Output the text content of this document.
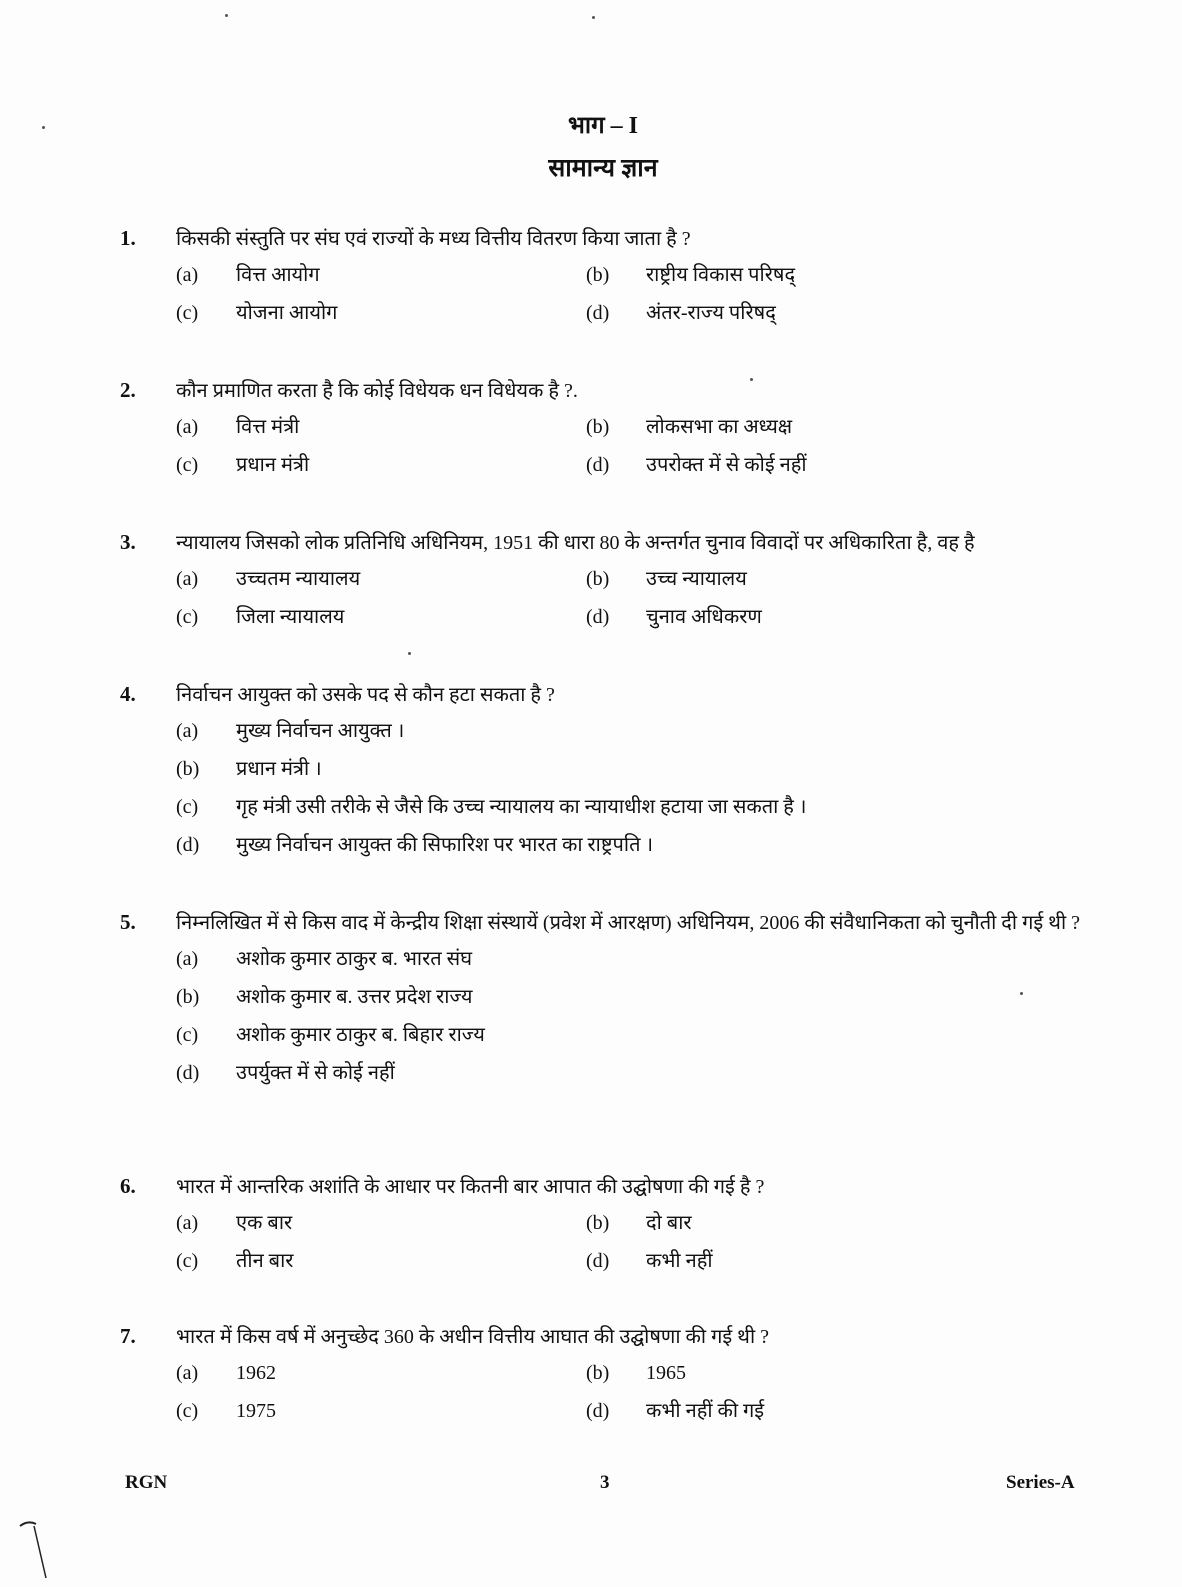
भाग – I
सामान्य ज्ञान
1.	किसकी संस्तुति पर संघ एवं राज्यों के मध्य वित्तीय वितरण किया जाता है ?
(a)	वित्त आयोग	(b)	राष्ट्रीय विकास परिषद्
(c)	योजना आयोग	(d)	अंतर-राज्य परिषद्
2.	कौन प्रमाणित करता है कि कोई विधेयक धन विधेयक है ?.
(a)	वित्त मंत्री	(b)	लोकसभा का अध्यक्ष
(c)	प्रधान मंत्री	(d)	उपरोक्त में से कोई नहीं
3.	न्यायालय जिसको लोक प्रतिनिधि अधिनियम, 1951 की धारा 80 के अन्तर्गत चुनाव विवादों पर अधिकारिता है, वह है
(a)	उच्चतम न्यायालय	(b)	उच्च न्यायालय
(c)	जिला न्यायालय	(d)	चुनाव अधिकरण
4.	निर्वाचन आयुक्त को उसके पद से कौन हटा सकता है ?
(a)	मुख्य निर्वाचन आयुक्त ।
(b)	प्रधान मंत्री ।
(c)	गृह मंत्री उसी तरीके से जैसे कि उच्च न्यायालय का न्यायाधीश हटाया जा सकता है ।
(d)	मुख्य निर्वाचन आयुक्त की सिफारिश पर भारत का राष्ट्रपति ।
5.	निम्नलिखित में से किस वाद में केन्द्रीय शिक्षा संस्थायें (प्रवेश में आरक्षण) अधिनियम, 2006 की संवैधानिकता को चुनौती दी गई थी ?
(a)	अशोक कुमार ठाकुर ब. भारत संघ
(b)	अशोक कुमार ब. उत्तर प्रदेश राज्य
(c)	अशोक कुमार ठाकुर ब. बिहार राज्य
(d)	उपर्युक्त में से कोई नहीं
6.	भारत में आन्तरिक अशांति के आधार पर कितनी बार आपात की उद्घोषणा की गई है ?
(a)	एक बार	(b)	दो बार
(c)	तीन बार	(d)	कभी नहीं
7.	भारत में किस वर्ष में अनुच्छेद 360 के अधीन वित्तीय आघात की उद्घोषणा की गई थी ?
(a)	1962	(b)	1965
(c)	1975	(d)	कभी नहीं की गई
RGN	3	Series-A
